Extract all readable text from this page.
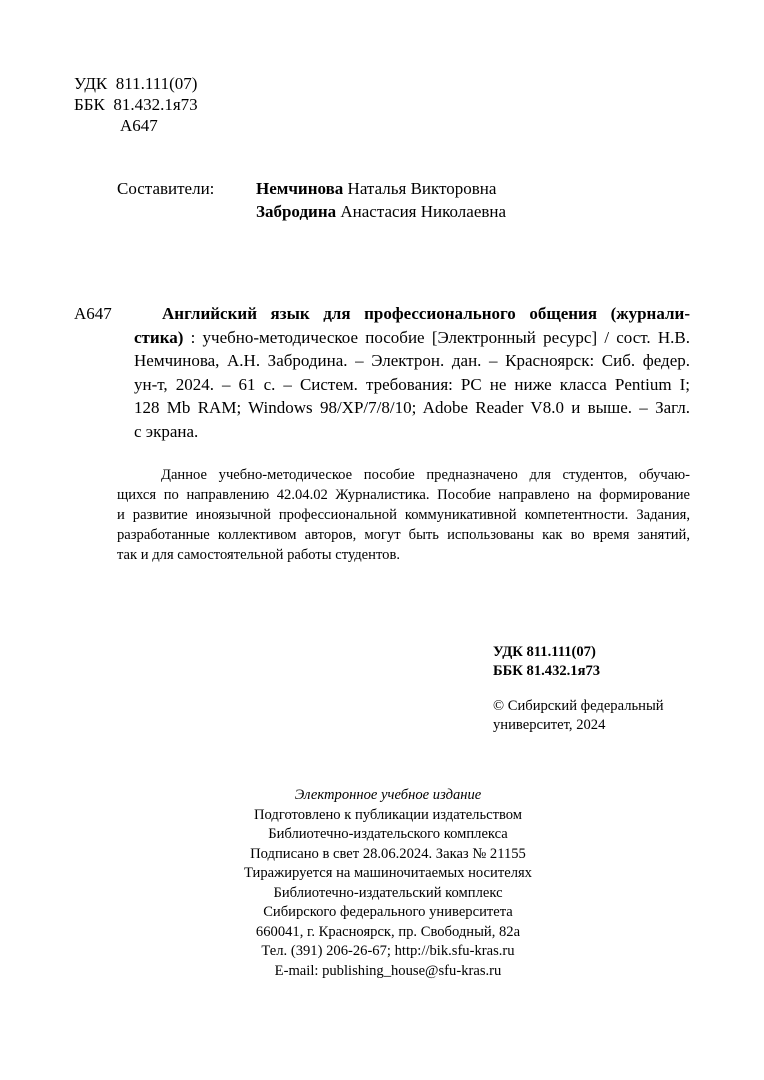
УДК  811.111(07)
ББК  81.432.1я73
А647
Составители: Немчинова Наталья Викторовна
Забродина Анастасия Николаевна
А647	Английский язык для профессионального общения (журнали-
стика) : учебно-методическое пособие [Электронный ресурс] / сост. Н.В.
Немчинова, А.Н. Забродина. – Электрон. дан. – Красноярск: Сиб. федер.
ун-т, 2024. – 61 с. – Систем. требования: PC не ниже класса Pentium I;
128 Mb RAM; Windows 98/XP/7/8/10; Adobe Reader V8.0 и выше. – Загл.
с экрана.
Данное учебно-методическое пособие предназначено для студентов, обучаю-
щихся по направлению 42.04.02 Журналистика. Пособие направлено на формирование
и развитие иноязычной профессиональной коммуникативной компетентности. Задания,
разработанные коллективом авторов, могут быть использованы как во время занятий,
так и для самостоятельной работы студентов.
УДК 811.111(07)
ББК 81.432.1я73
© Сибирский федеральный
университет, 2024
Электронное учебное издание
Подготовлено к публикации издательством
Библиотечно-издательского комплекса
Подписано в свет 28.06.2024. Заказ № 21155
Тиражируется на машиночитаемых носителях
Библиотечно-издательский комплекс
Сибирского федерального университета
660041, г. Красноярск, пр. Свободный, 82а
Тел. (391) 206-26-67; http://bik.sfu-kras.ru
E-mail: publishing_house@sfu-kras.ru
